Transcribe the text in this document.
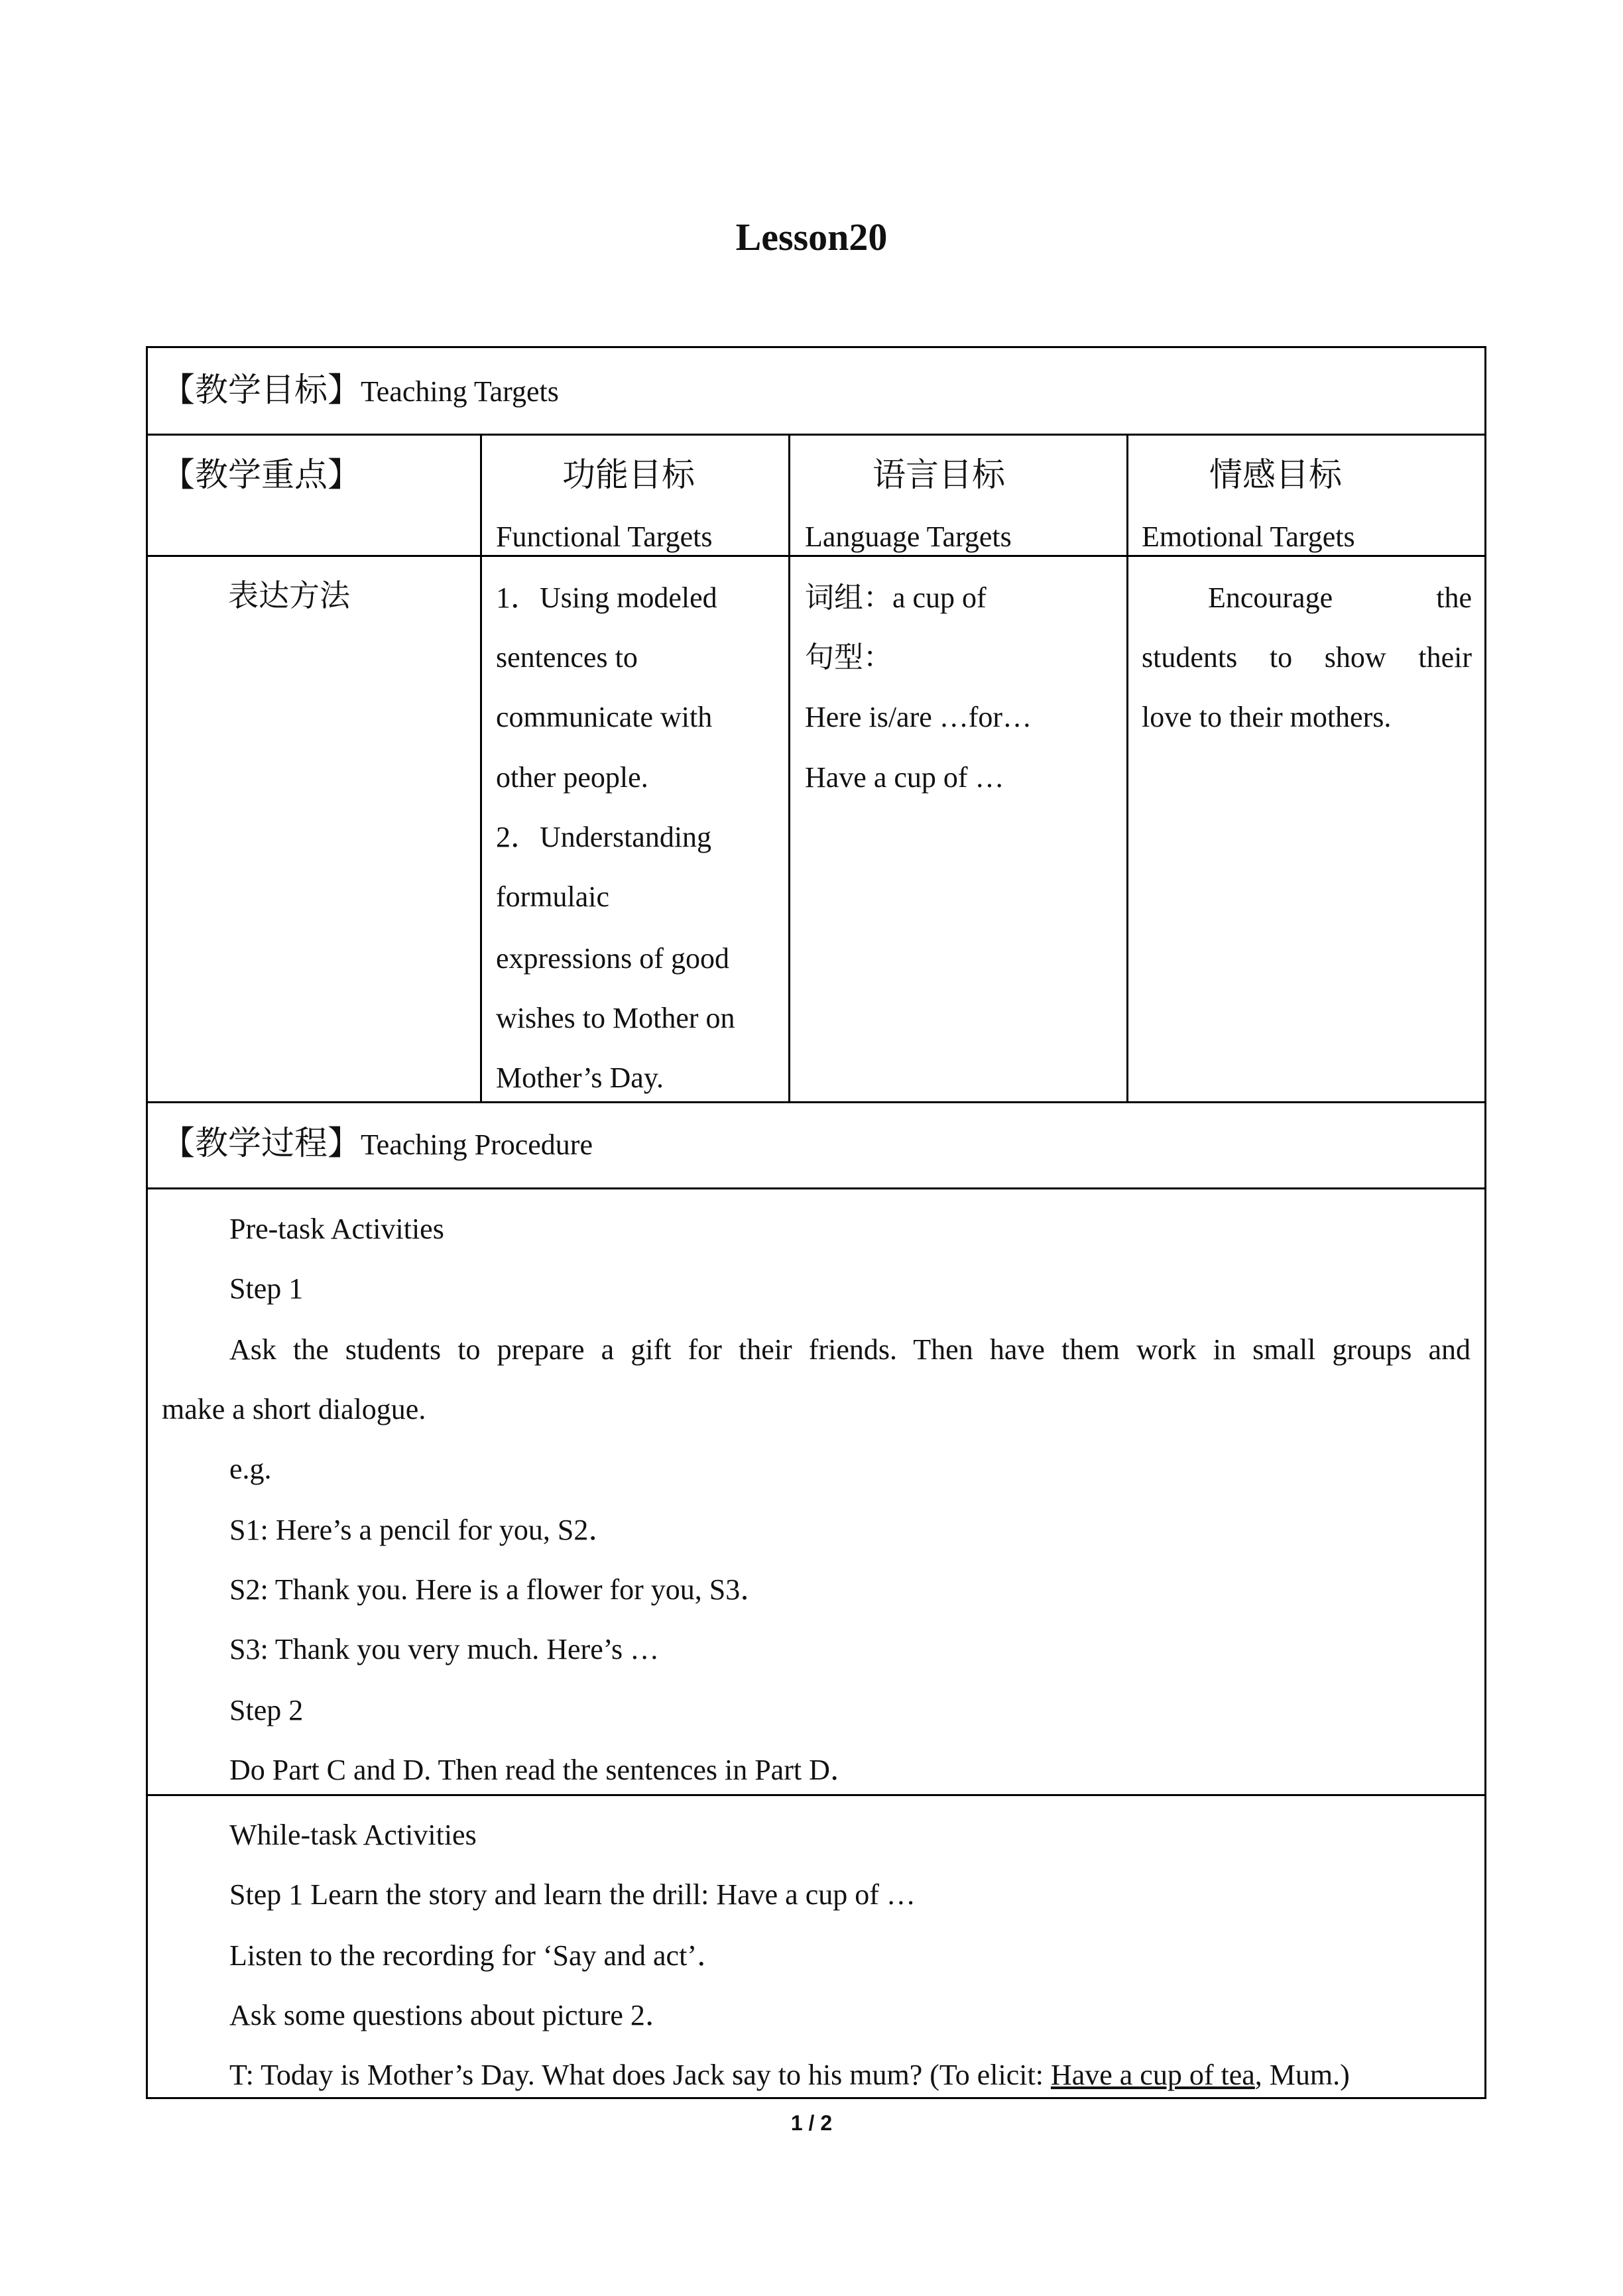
Lesson20
【教学目标】Teaching Targets
【教学重点】	功能目标
Functional Targets
语言目标
Language Targets
情感目标
Emotional Targets
表达方法	1．Using modeled
sentences to
communicate with
other people.
2．Understanding
formulaic
expressions of good
wishes to Mother on
Mother’s Day.
词组：a cup of
句型：
Here is/are …for…
Have a cup of …
Encourage the
students to show their
love to their mothers.
【教学过程】Teaching Procedure
Pre-task Activities
Step 1
Ask the students to prepare a gift for their friends. Then have them work in small groups and
make a short dialogue.
e.g.
S1: Here’s a pencil for you, S2．
S2: Thank you. Here is a flower for you, S3．
S3: Thank you very much. Here’s …
Step 2
Do Part C and D. Then read the sentences in Part D．
While-task Activities
Step 1 Learn the story and learn the drill: Have a cup of …
Listen to the recording for ‘Say and act’．
Ask some questions about picture 2．
T: Today is Mother’s Day. What does Jack say to his mum? (To elicit: Have a cup of tea, Mum.)
1 / 2
